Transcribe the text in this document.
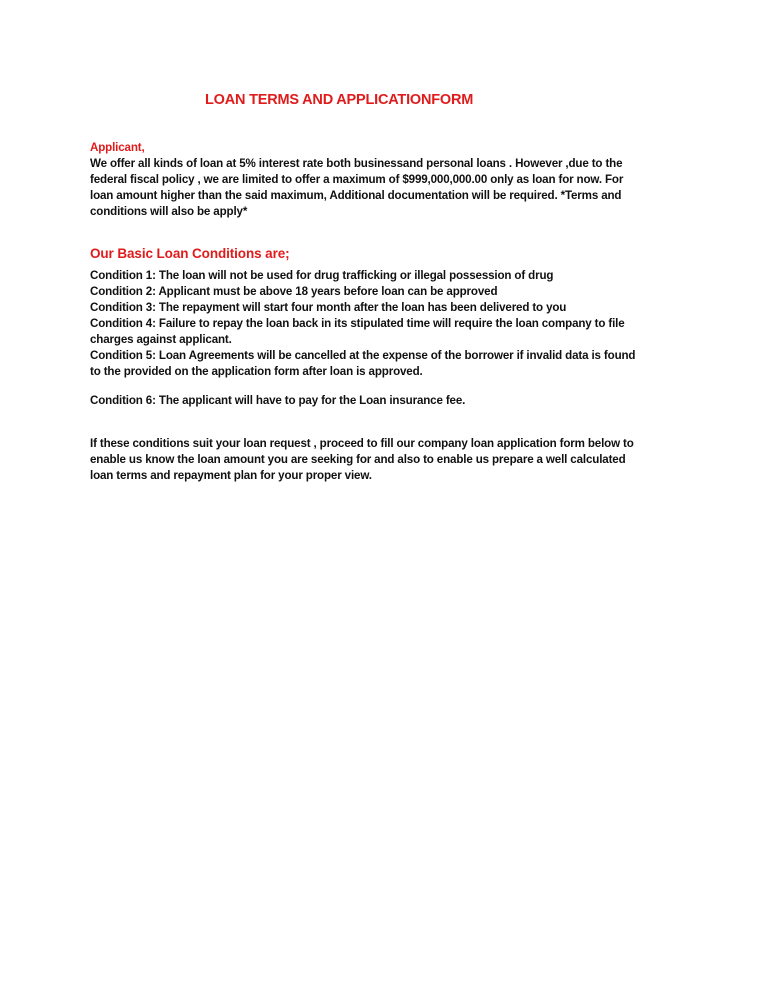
LOAN TERMS AND APPLICATIONFORM
Applicant,
We offer all kinds of loan at 5% interest rate both businessand personal loans . However ,due to the
federal fiscal policy , we are limited to offer a maximum of $999,000,000.00 only as loan for now. For
loan amount higher than the said maximum, Additional documentation will be required. *Terms and
conditions will also be apply*
Our Basic Loan Conditions are;
Condition 1: The loan will not be used for drug trafficking or illegal possession of drug
Condition 2: Applicant must be above 18 years before loan can be approved
Condition 3: The repayment will start four month after the loan has been delivered to you
Condition 4: Failure to repay the loan back in its stipulated time will require the loan company to file
charges against applicant.
Condition 5: Loan Agreements will be cancelled at the expense of the borrower if invalid data is found
to the provided on the application form after loan is approved.
Condition 6: The applicant will have to pay for the Loan insurance fee.
If these conditions suit your loan request , proceed to fill our company loan application form below to
enable us know the loan amount you are seeking for and also to enable us prepare a well calculated
loan terms and repayment plan for your proper view.
